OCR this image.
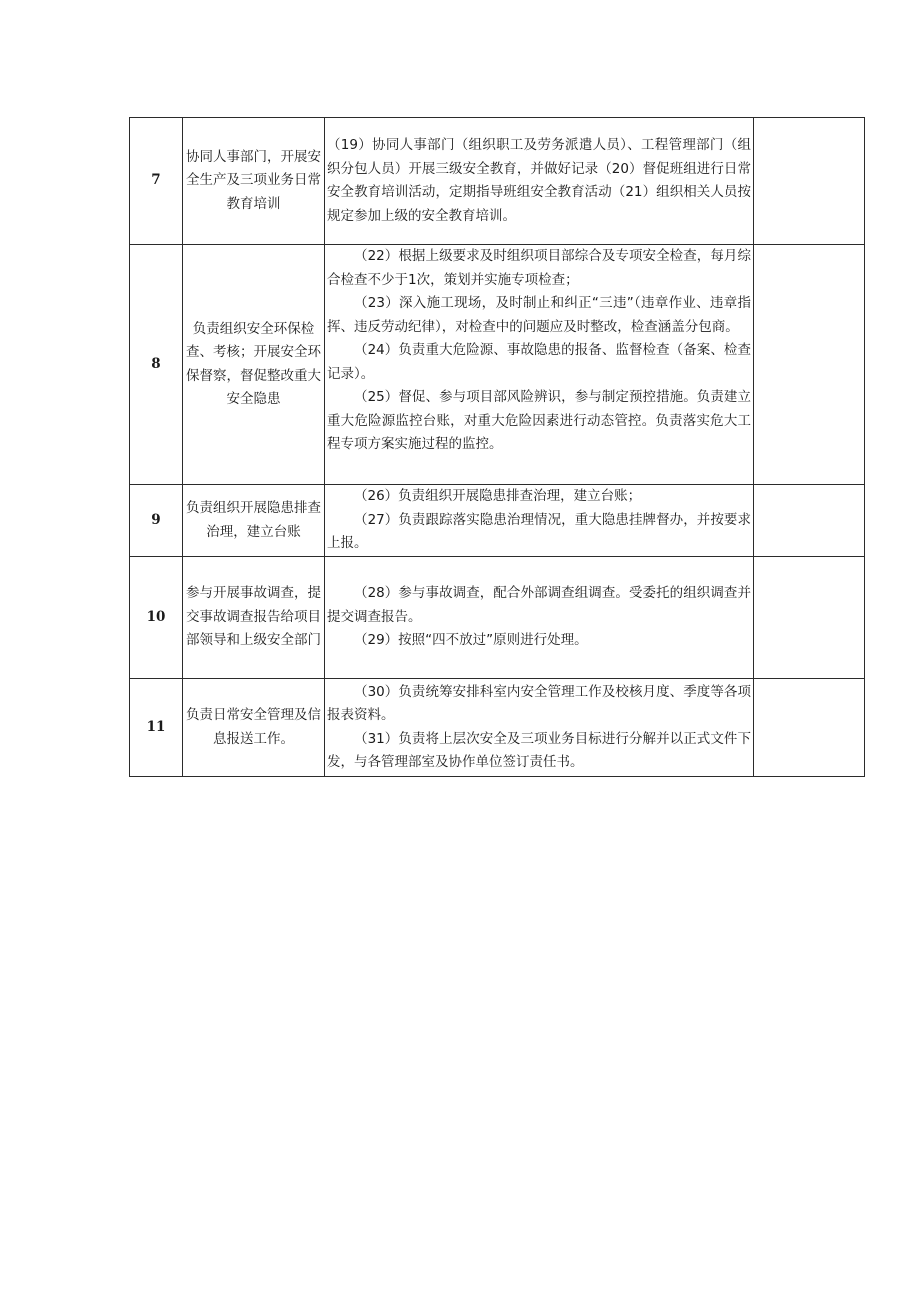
7	协同人事部门，开展安全生产及三项业务日常教育培训	（19）协同人事部门（组织职工及劳务派遣人员）、工程管理部门（组织分包人员）开展三级安全教育，并做好记录（20）督促班组进行日常安全教育培训活动，定期指导班组安全教育活动（21）组织相关人员按规定参加上级的安全教育培训。	

8	负责组织安全环保检查、考核；开展安全环保督察，督促整改重大安全隐患	（22）根据上级要求及时组织项目部综合及专项安全检查，每月综合检查不少于1次，策划并实施专项检查；

（23）深入施工现场，及时制止和纠正“三违”（违章作业、违章指挥、违反劳动纪律），对检查中的问题应及时整改，检查涵盖分包商。

（24）负责重大危险源、事故隐患的报备、监督检查（备案、检查记录）。

（25）督促、参与项目部风险辨识，参与制定预控措施。负责建立重大危险源监控台账，对重大危险因素进行动态管控。负责落实危大工程专项方案实施过程的监控。	

9	负责组织开展隐患排查治理，建立台账	（26）负责组织开展隐患排查治理，建立台账；

（27）负责跟踪落实隐患治理情况，重大隐患挂牌督办，并按要求上报。	

10	参与开展事故调查，提交事故调查报告给项目部领导和上级安全部门	（28）参与事故调查，配合外部调查组调查。受委托的组织调查并提交调查报告。

（29）按照“四不放过”原则进行处理。	

11	负责日常安全管理及信息报送工作。	（30）负责统筹安排科室内安全管理工作及校核月度、季度等各项报表资料。

（31）负责将上层次安全及三项业务目标进行分解并以正式文件下发，与各管理部室及协作单位签订责任书。	
